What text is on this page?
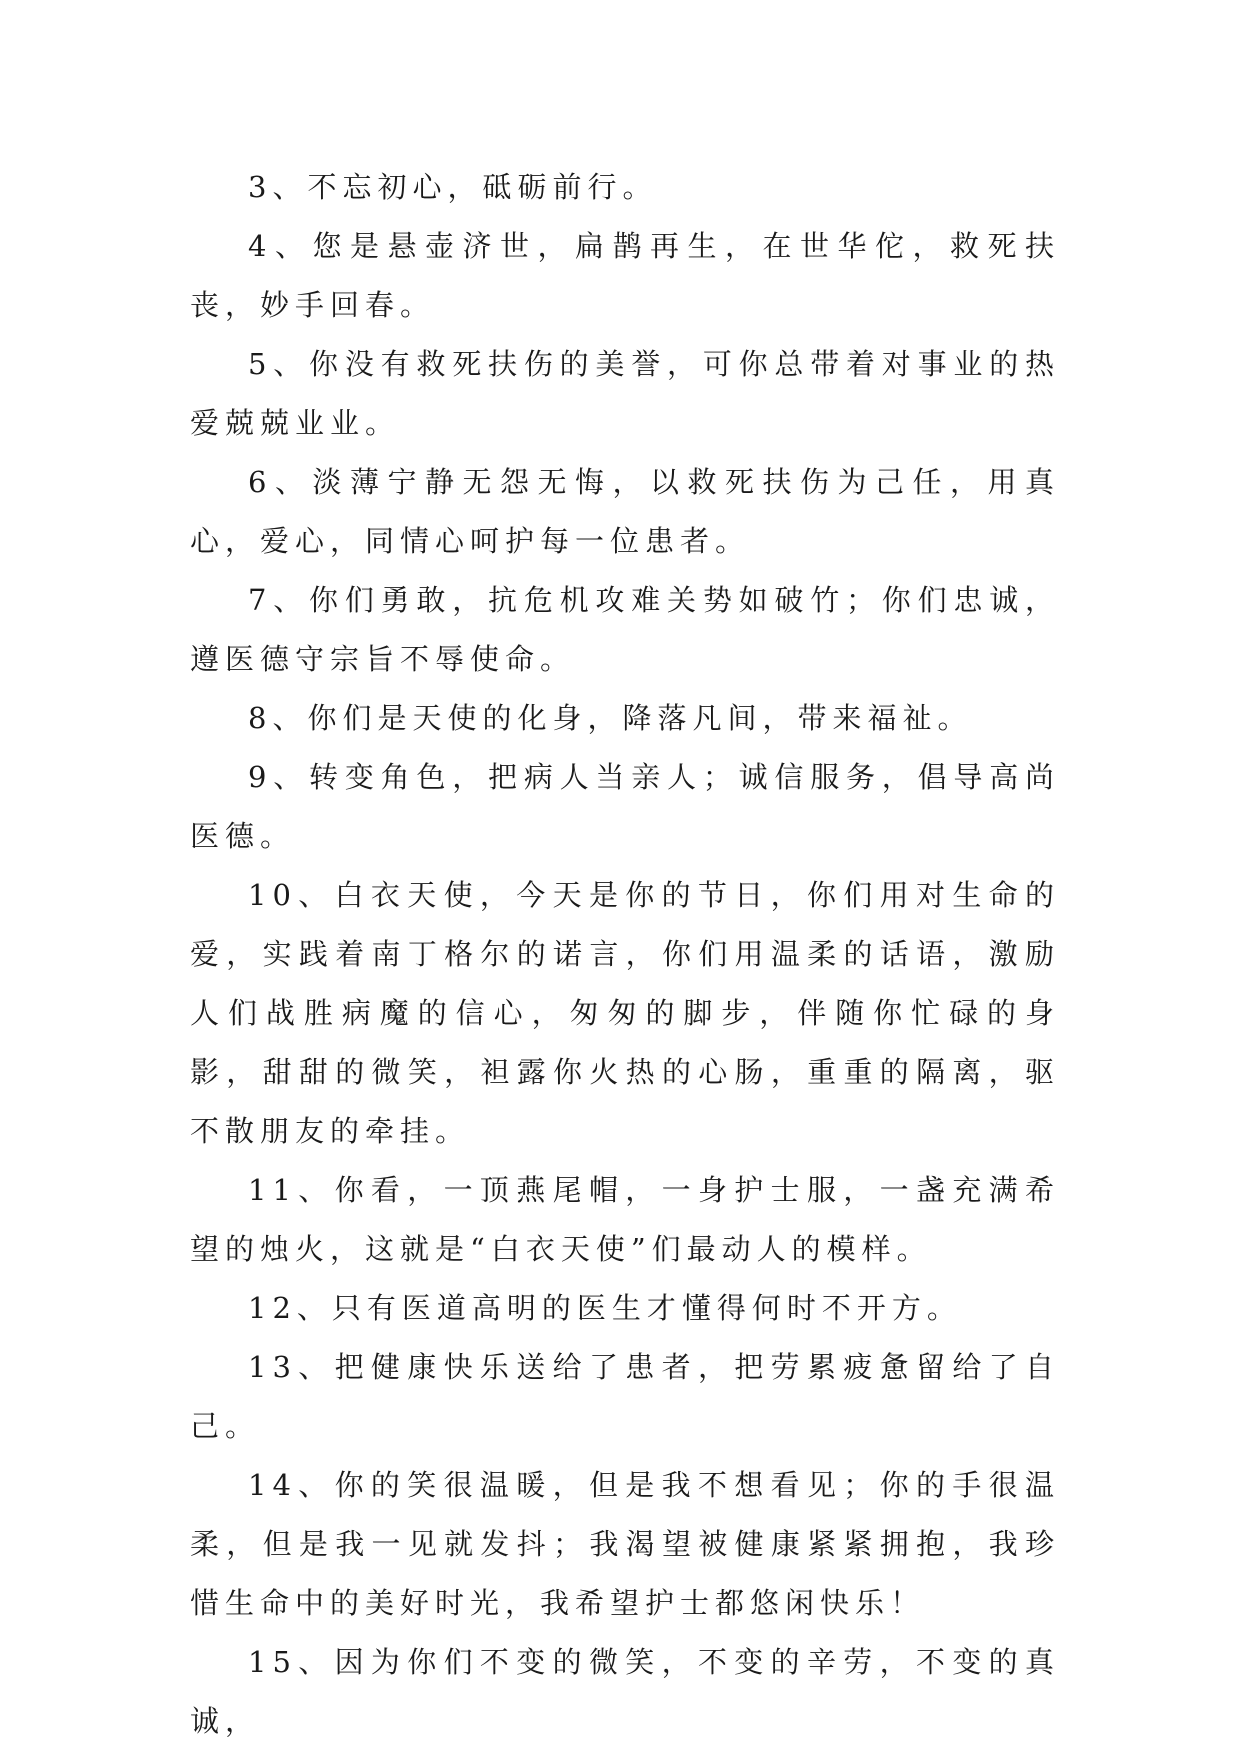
3、不忘初心，砥砺前行。

4、您是悬壶济世，扁鹊再生，在世华佗，救死扶丧，妙手回春。

5、你没有救死扶伤的美誉，可你总带着对事业的热爱兢兢业业。

6、淡薄宁静无怨无悔，以救死扶伤为己任，用真心，爱心，同情心呵护每一位患者。

7、你们勇敢，抗危机攻难关势如破竹；你们忠诚，遵医德守宗旨不辱使命。

8、你们是天使的化身，降落凡间，带来福祉。

9、转变角色，把病人当亲人；诚信服务，倡导高尚医德。

10、白衣天使，今天是你的节日，你们用对生命的爱，实践着南丁格尔的诺言，你们用温柔的话语，激励人们战胜病魔的信心，匆匆的脚步，伴随你忙碌的身影，甜甜的微笑，袒露你火热的心肠，重重的隔离，驱不散朋友的牵挂。

11、你看，一顶燕尾帽，一身护士服，一盏充满希望的烛火，这就是“白衣天使”们最动人的模样。

12、只有医道高明的医生才懂得何时不开方。

13、把健康快乐送给了患者，把劳累疲惫留给了自己。

14、你的笑很温暖，但是我不想看见；你的手很温柔，但是我一见就发抖；我渴望被健康紧紧拥抱，我珍惜生命中的美好时光，我希望护士都悠闲快乐！

15、因为你们不变的微笑，不变的辛劳，不变的真诚，
